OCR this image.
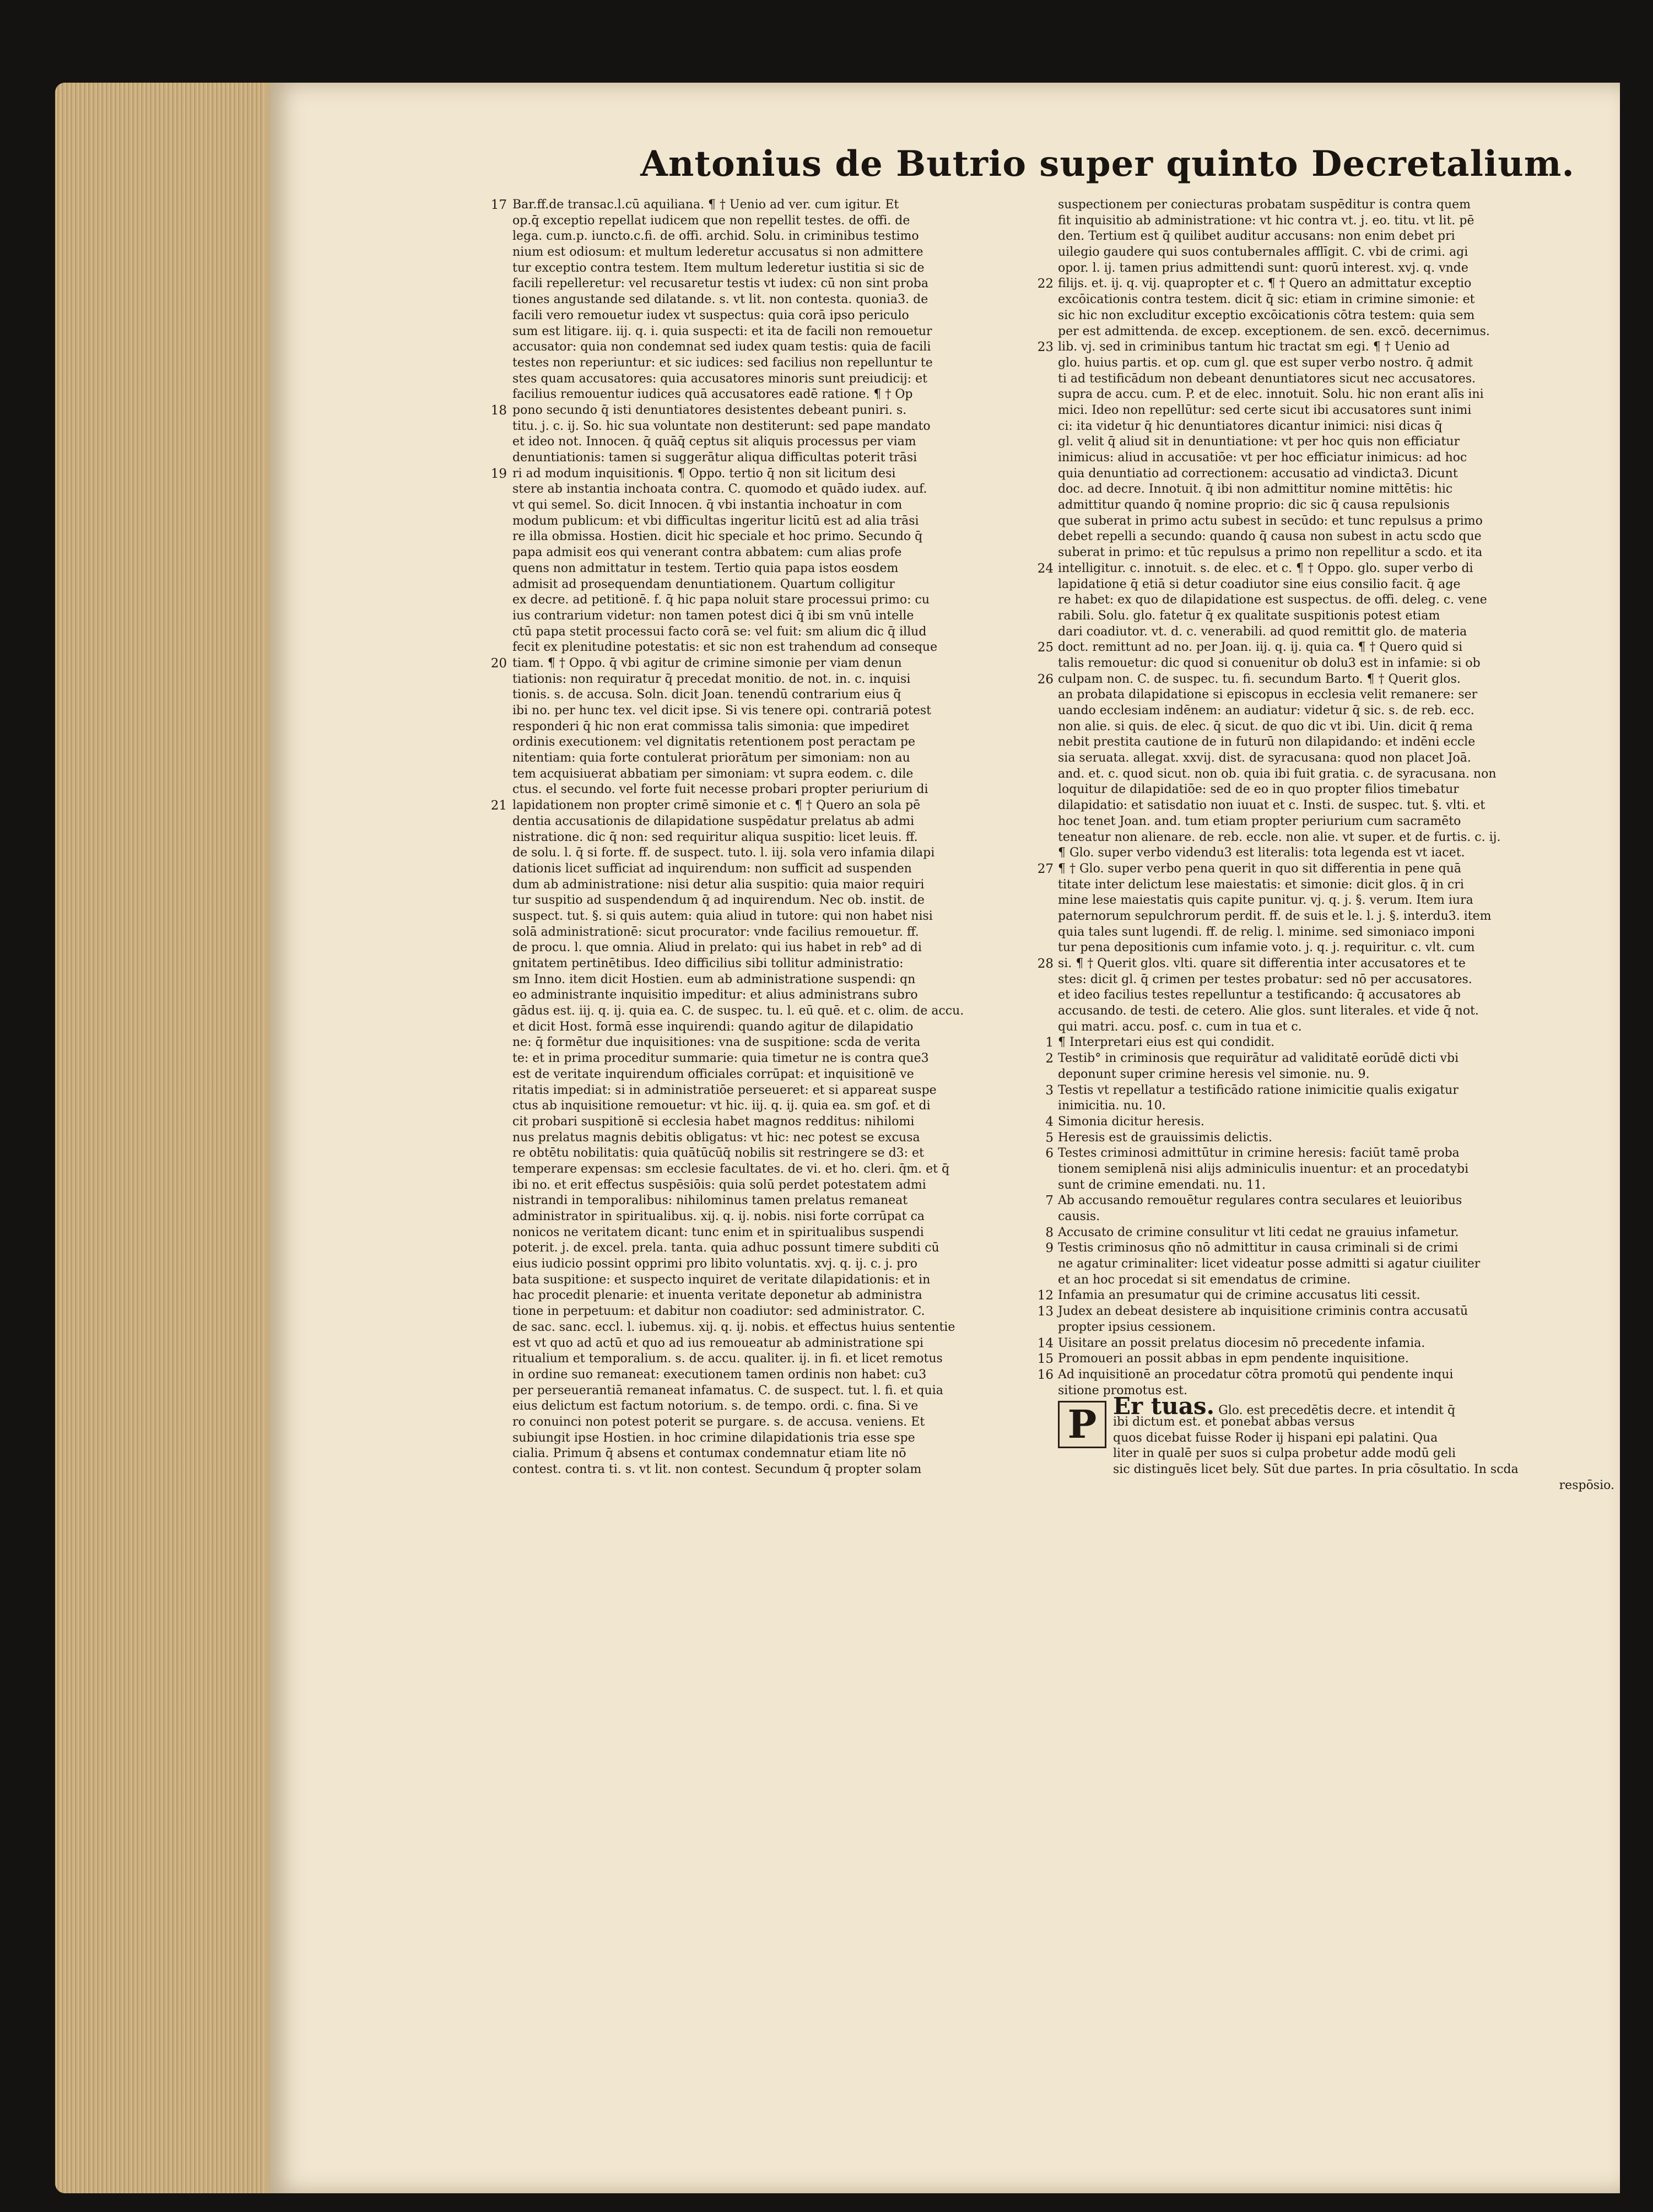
Antonius de Butrio super quinto Decretalium.
17 Bar.ff.de transac.l.cū aquiliana. ¶ † Uenio ad ver. cum igitur. Et
op.q̄ exceptio repellat iudicem que non repellit testes. de offi. de
lega. cum.p. iuncto.c.fi. de offi. archid. Solu. in criminibus testimo
nium est odiosum: et multum lederetur accusatus si non admittere
tur exceptio contra testem. Item multum lederetur iustitia si sic de
facili repelleretur: vel recusaretur testis vt iudex: cū non sint proba
tiones angustande sed dilatande. s. vt lit. non contesta. quonia3. de
facili vero remouetur iudex vt suspectus: quia corā ipso periculo
sum est litigare. iij. q. i. quia suspecti: et ita de facili non remouetur
accusator: quia non condemnat sed iudex quam testis: quia de facili
testes non reperiuntur: et sic iudices: sed facilius non repelluntur te
stes quam accusatores: quia accusatores minoris sunt preiudicij: et
facilius remouentur iudices quā accusatores eadē ratione. ¶ † Op
18 pono secundo q̄ isti denuntiatores desistentes debeant puniri. s.
titu. j. c. ij. So. hic sua voluntate non destiterunt: sed pape mandato
et ideo not. Innocen. q̄ quāq̄ ceptus sit aliquis processus per viam
denuntiationis: tamen si suggerātur aliqua difficultas poterit trāsi
19 ri ad modum inquisitionis. ¶ Oppo. tertio q̄ non sit licitum desi
stere ab instantia inchoata contra. C. quomodo et quādo iudex. auf.
vt qui semel. So. dicit Innocen. q̄ vbi instantia inchoatur in com
modum publicum: et vbi difficultas ingeritur licitū est ad alia trāsi
re illa obmissa. Hostien. dicit hic speciale et hoc primo. Secundo q̄
papa admisit eos qui venerant contra abbatem: cum alias profe
quens non admittatur in testem. Tertio quia papa istos eosdem
admisit ad prosequendam denuntiationem. Quartum colligitur
ex decre. ad petitionē. f. q̄ hic papa noluit stare processui primo: cu
ius contrarium videtur: non tamen potest dici q̄ ibi sm vnū intelle
ctū papa stetit processui facto corā se: vel fuit: sm alium dic q̄ illud
fecit ex plenitudine potestatis: et sic non est trahendum ad conseque
20 tiam. ¶ † Oppo. q̄ vbi agitur de crimine simonie per viam denun
tiationis: non requiratur q̄ precedat monitio. de not. in. c. inquisi
tionis. s. de accusa. Soln. dicit Joan. tenendū contrarium eius q̄
ibi no. per hunc tex. vel dicit ipse. Si vis tenere opi. contrariā potest
responderi q̄ hic non erat commissa talis simonia: que impediret
ordinis executionem: vel dignitatis retentionem post peractam pe
nitentiam: quia forte contulerat priorātum per simoniam: non au
tem acquisiuerat abbatiam per simoniam: vt supra eodem. c. dile
ctus. el secundo. vel forte fuit necesse probari propter periurium di
21 lapidationem non propter crimē simonie et c. ¶ † Quero an sola pē
dentia accusationis de dilapidatione suspēdatur prelatus ab admi
nistratione. dic q̄ non: sed requiritur aliqua suspitio: licet leuis. ff.
de solu. l. q̄ si forte. ff. de suspect. tuto. l. iij. sola vero infamia dilapi
dationis licet sufficiat ad inquirendum: non sufficit ad suspenden
dum ab administratione: nisi detur alia suspitio: quia maior requiri
tur suspitio ad suspendendum q̄ ad inquirendum. Nec ob. instit. de
suspect. tut. §. si quis autem: quia aliud in tutore: qui non habet nisi
solā administrationē: sicut procurator: vnde facilius remouetur. ff.
de procu. l. que omnia. Aliud in prelato: qui ius habet in reb° ad di
gnitatem pertinētibus. Ideo difficilius sibi tollitur administratio:
sm Inno. item dicit Hostien. eum ab administratione suspendi: qn
eo administrante inquisitio impeditur: et alius administrans subro
gādus est. iij. q. ij. quia ea. C. de suspec. tu. l. eū quē. et c. olim. de accu.
et dicit Host. formā esse inquirendi: quando agitur de dilapidatio
ne: q̄ formētur due inquisitiones: vna de suspitione: scda de verita
te: et in prima proceditur summarie: quia timetur ne is contra que3
est de veritate inquirendum officiales corrūpat: et inquisitionē ve
ritatis impediat: si in administratiōe perseueret: et si appareat suspe
ctus ab inquisitione remouetur: vt hic. iij. q. ij. quia ea. sm gof. et di
cit probari suspitionē si ecclesia habet magnos redditus: nihilomi
nus prelatus magnis debitis obligatus: vt hic: nec potest se excusa
re obtētu nobilitatis: quia quātūcūq̄ nobilis sit restringere se d3: et
temperare expensas: sm ecclesie facultates. de vi. et ho. cleri. q̄m. et q̄
ibi no. et erit effectus suspēsiōis: quia solū perdet potestatem admi
nistrandi in temporalibus: nihilominus tamen prelatus remaneat
administrator in spiritualibus. xij. q. ij. nobis. nisi forte corrūpat ca
nonicos ne veritatem dicant: tunc enim et in spiritualibus suspendi
poterit. j. de excel. prela. tanta. quia adhuc possunt timere subditi cū
eius iudicio possint opprimi pro libito voluntatis. xvj. q. ij. c. j. pro
bata suspitione: et suspecto inquiret de veritate dilapidationis: et in
hac procedit plenarie: et inuenta veritate deponetur ab administra
tione in perpetuum: et dabitur non coadiutor: sed administrator. C.
de sac. sanc. eccl. l. iubemus. xij. q. ij. nobis. et effectus huius sententie
est vt quo ad actū et quo ad ius remoueatur ab administratione spi
ritualium et temporalium. s. de accu. qualiter. ij. in fi. et licet remotus
in ordine suo remaneat: executionem tamen ordinis non habet: cu3
per perseuerantiā remaneat infamatus. C. de suspect. tut. l. fi. et quia
eius delictum est factum notorium. s. de tempo. ordi. c. fina. Si ve
ro conuinci non potest poterit se purgare. s. de accusa. veniens. Et
subiungit ipse Hostien. in hoc crimine dilapidationis tria esse spe
cialia. Primum q̄ absens et contumax condemnatur etiam lite nō
contest. contra ti. s. vt lit. non contest. Secundum q̄ propter solam
suspectionem per coniecturas probatam suspēditur is contra quem
fit inquisitio ab administratione: vt hic contra vt. j. eo. titu. vt lit. pē
den. Tertium est q̄ quilibet auditur accusans: non enim debet pri
uilegio gaudere qui suos contubernales afflīgit. C. vbi de crimi. agi
opor. l. ij. tamen prius admittendi sunt: quorū interest. xvj. q. vnde
22 filijs. et. ij. q. vij. quapropter et c. ¶ † Quero an admittatur exceptio
excōicationis contra testem. dicit q̄ sic: etiam in crimine simonie: et
sic hic non excluditur exceptio excōicationis cōtra testem: quia sem
per est admittenda. de excep. exceptionem. de sen. excō. decernimus.
23 lib. vj. sed in criminibus tantum hic tractat sm egi. ¶ † Uenio ad
glo. huius partis. et op. cum gl. que est super verbo nostro. q̄ admit
ti ad testificādum non debeant denuntiatores sicut nec accusatores.
supra de accu. cum. P. et de elec. innotuit. Solu. hic non erant alīs ini
mici. Ideo non repellūtur: sed certe sicut ibi accusatores sunt inimi
ci: ita videtur q̄ hic denuntiatores dicantur inimici: nisi dicas q̄
gl. velit q̄ aliud sit in denuntiatione: vt per hoc quis non efficiatur
inimicus: aliud in accusatiōe: vt per hoc efficiatur inimicus: ad hoc
quia denuntiatio ad correctionem: accusatio ad vindicta3. Dicunt
doc. ad decre. Innotuit. q̄ ibi non admittitur nomine mittētis: hic
admittitur quando q̄ nomine proprio: dic sic q̄ causa repulsionis
que suberat in primo actu subest in secūdo: et tunc repulsus a primo
debet repelli a secundo: quando q̄ causa non subest in actu scdo que
suberat in primo: et tūc repulsus a primo non repellitur a scdo. et ita
24 intelligitur. c. innotuit. s. de elec. et c. ¶ † Oppo. glo. super verbo di
lapidatione q̄ etiā si detur coadiutor sine eius consilio facit. q̄ age
re habet: ex quo de dilapidatione est suspectus. de offi. deleg. c. vene
rabili. Solu. glo. fatetur q̄ ex qualitate suspitionis potest etiam
dari coadiutor. vt. d. c. venerabili. ad quod remittit glo. de materia
25 doct. remittunt ad no. per Joan. iij. q. ij. quia ca. ¶ † Quero quid si
talis remouetur: dic quod si conuenitur ob dolu3 est in infamie: si ob
26 culpam non. C. de suspec. tu. fi. secundum Barto. ¶ † Querit glos.
an probata dilapidatione si episcopus in ecclesia velit remanere: ser
uando ecclesiam indēnem: an audiatur: videtur q̄ sic. s. de reb. ecc.
non alie. si quis. de elec. q̄ sicut. de quo dic vt ibi. Uin. dicit q̄ rema
nebit prestita cautione de in futurū non dilapidando: et indēni eccle
sia seruata. allegat. xxvij. dist. de syracusana: quod non placet Joā.
and. et. c. quod sicut. non ob. quia ibi fuit gratia. c. de syracusana. non
loquitur de dilapidatiōe: sed de eo in quo propter filios timebatur
dilapidatio: et satisdatio non iuuat et c. Insti. de suspec. tut. §. vlti. et
hoc tenet Joan. and. tum etiam propter periurium cum sacramēto
teneatur non alienare. de reb. eccle. non alie. vt super. et de furtis. c. ij.
¶ Glo. super verbo videndu3 est literalis: tota legenda est vt iacet.
27 ¶ † Glo. super verbo pena querit in quo sit differentia in pene quā
titate inter delictum lese maiestatis: et simonie: dicit glos. q̄ in cri
mine lese maiestatis quis capite punitur. vj. q. j. §. verum. Item iura
paternorum sepulchrorum perdit. ff. de suis et le. l. j. §. interdu3. item
quia tales sunt lugendi. ff. de relig. l. minime. sed simoniaco imponi
tur pena depositionis cum infamie voto. j. q. j. requiritur. c. vlt. cum
28 si. ¶ † Querit glos. vlti. quare sit differentia inter accusatores et te
stes: dicit gl. q̄ crimen per testes probatur: sed nō per accusatores.
et ideo facilius testes repelluntur a testificando: q̄ accusatores ab
accusando. de testi. de cetero. Alie glos. sunt literales. et vide q̄ not.
qui matri. accu. posf. c. cum in tua et c.
1 ¶ Interpretari eius est qui condidit.
2 Testib° in criminosis que requirātur ad validitatē eorūdē dicti vbi
deponunt super crimine heresis vel simonie. nu. 9.
3 Testis vt repellatur a testificādo ratione inimicitie qualis exigatur
inimicitia. nu. 10.
4 Simonia dicitur heresis.
5 Heresis est de grauissimis delictis.
6 Testes criminosi admittūtur in crimine heresis: faciūt tamē proba
tionem semiplenā nisi alijs adminiculis inuentur: et an procedatybi
sunt de crimine emendati. nu. 11.
7 Ab accusando remouētur regulares contra seculares et leuioribus
causis.
8 Accusato de crimine consulitur vt liti cedat ne grauius infametur.
9 Testis criminosus qn̄o nō admittitur in causa criminali si de crimi
ne agatur criminaliter: licet videatur posse admitti si agatur ciuiliter
et an hoc procedat si sit emendatus de crimine.
12 Infamia an presumatur qui de crimine accusatus liti cessit.
13 Judex an debeat desistere ab inquisitione criminis contra accusatū
propter ipsius cessionem.
14 Uisitare an possit prelatus diocesim nō precedente infamia.
15 Promoueri an possit abbas in epm pendente inquisitione.
16 Ad inquisitionē an procedatur cōtra promotū qui pendente inqui
sitione promotus est.
P Er tuas. Glo. est precedētis decre. et intendit q̄
ibi dictum est. et ponebat abbas versus
quos dicebat fuisse Roder ij hispani epi palatini. Qua
liter in qualē per suos si culpa probetur adde modū geli
sic distinguēs licet bely. Sūt due partes. In pria cōsultatio. In scda
respōsio.
